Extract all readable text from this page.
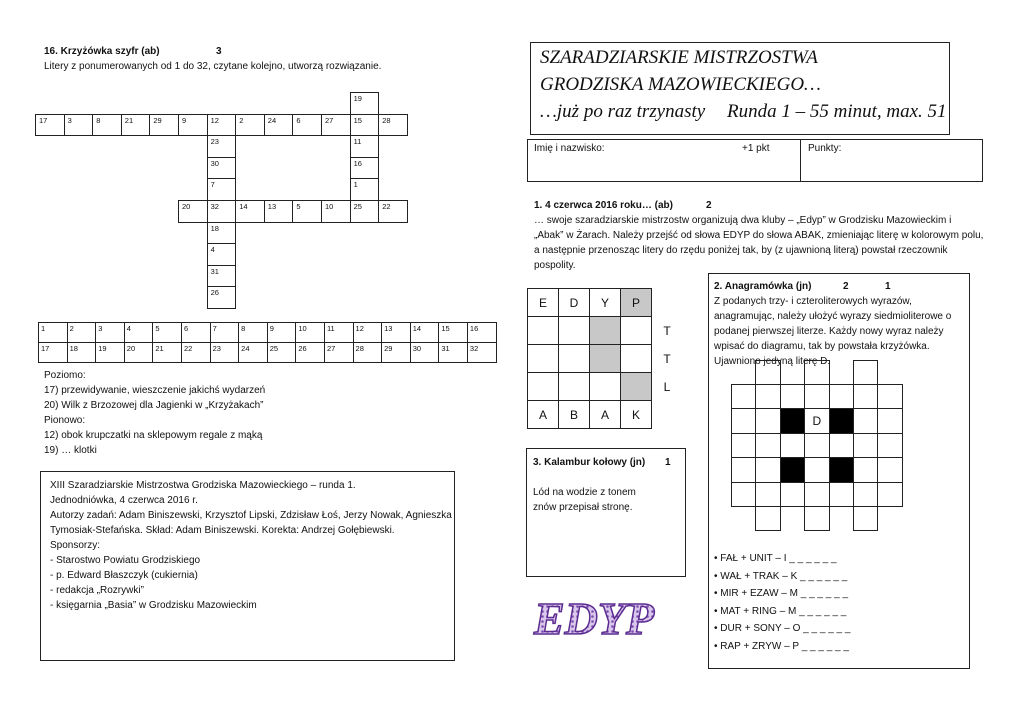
16. Krzyżówka szyfr (ab)	3
Litery z ponumerowanych od 1 do 32, czytane kolejno, utworzą rozwiązanie.
19
17	3	8	21	29	9	12	2	24	6	27	15	28
23	11
30	16
7	1
20	32	14	13	5	10	25	22
18
4
31
26
1	2	3	4	5	6	7	8	9	10	11	12	13	14	15	16
17	18	19	20	21	22	23	24	25	26	27	28	29	30	31	32
Poziomo:
17) przewidywanie, wieszczenie jakichś wydarzeń
20) Wilk z Brzozowej dla Jagienki w „Krzyżakach”
Pionowo:
12) obok krupczatki na sklepowym regale z mąką
19) … klotki
XIII Szaradziarskie Mistrzostwa Grodziska Mazowieckiego – runda 1.
Jednodniówka, 4 czerwca 2016 r.
Autorzy zadań: Adam Biniszewski, Krzysztof Lipski, Zdzisław Łoś, Jerzy Nowak, Agnieszka
Tymosiak-Stefańska. Skład: Adam Biniszewski. Korekta: Andrzej Gołębiewski.
Sponsorzy:
- Starostwo Powiatu Grodziskiego
- p. Edward Błaszczyk (cukiernia)
- redakcja „Rozrywki”
- księgarnia „Basia” w Grodzisku Mazowieckim
SZARADZIARSKIE MISTRZOSTWA
GRODZISKA MAZOWIECKIEGO…
…już po raz trzynasty Runda 1 – 55 minut, max. 51
Imię i nazwisko:	+1 pkt	Punkty:
1. 4 czerwca 2016 roku… (ab)	2
… swoje szaradziarskie mistrzostw organizują dwa kluby – „Edyp” w Grodzisku Mazowieckim i
„Abak” w Żarach. Należy przejść od słowa EDYP do słowa ABAK, zmieniając literę w kolorowym polu,
a następnie przenosząc litery do rzędu poniżej tak, by (z ujawnioną literą) powstał rzeczownik
pospolity.
E	D	Y	P	
				T
				T
				L
A	B	A	K	
3. Kalambur kołowy (jn) 1
Lód na wodzie z tonem
znów przepisał stronę.
EDYP
2. Anagramówka (jn)	2	1
Z podanych trzy- i czteroliterowych wyrazów,
anagramując, należy ułożyć wyrazy siedmioliterowe o
podanej pierwszej literze. Każdy nowy wyraz należy
wpisać do diagramu, tak by powstała krzyżówka.
Ujawniono jedyną literę D.
D
• FAŁ + UNIT – I _ _ _ _ _ _
• WAŁ + TRAK – K _ _ _ _ _ _
• MIR + EZAW – M _ _ _ _ _ _
• MAT + RING – M _ _ _ _ _ _
• DUR + SONY – O _ _ _ _ _ _
• RAP + ZRYW – P _ _ _ _ _ _
